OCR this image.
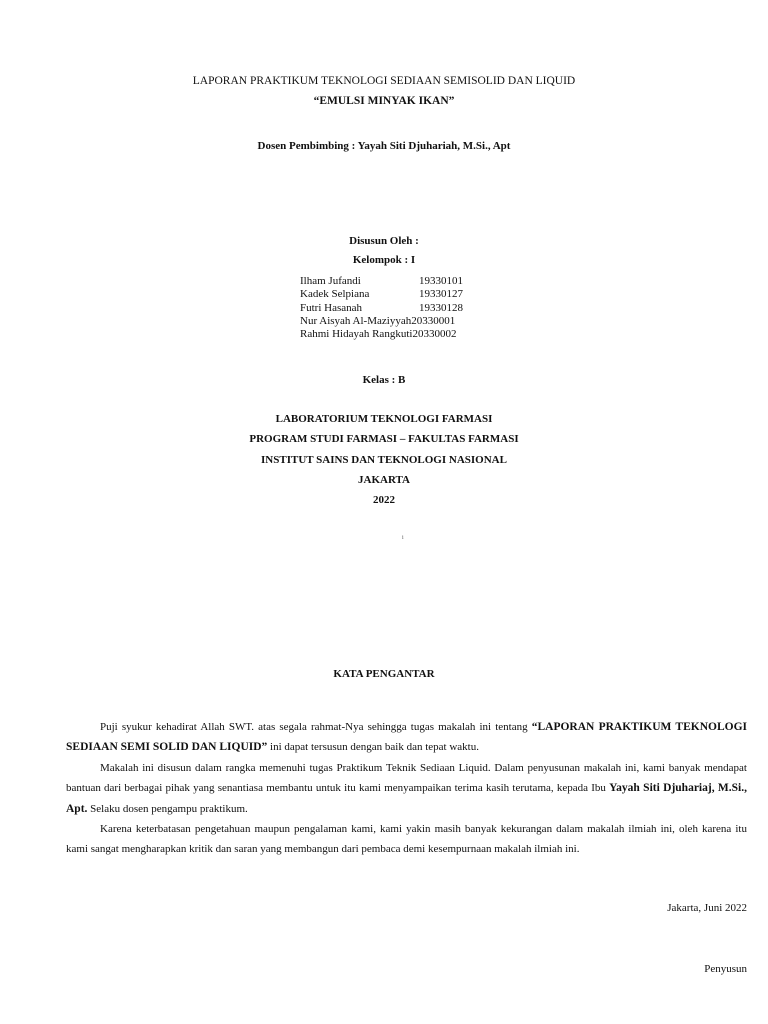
LAPORAN PRAKTIKUM TEKNOLOGI SEDIAAN SEMISOLID DAN LIQUID
“EMULSI MINYAK IKAN”
Dosen Pembimbing : Yayah Siti Djuhariah, M.Si., Apt
Disusun Oleh :
Kelompok : I
Ilham Jufandi	19330101
Kadek Selpiana	19330127
Futri Hasanah	19330128
Nur Aisyah Al-Maziyyah 20330001
Rahmi Hidayah Rangkuti 20330002
Kelas : B
LABORATORIUM TEKNOLOGI FARMASI
PROGRAM STUDI FARMASI – FAKULTAS FARMASI
INSTITUT SAINS DAN TEKNOLOGI NASIONAL
JAKARTA
2022
i
KATA PENGANTAR

Puji syukur kehadirat Allah SWT. atas segala rahmat-Nya sehingga tugas makalah ini tentang “LAPORAN PRAKTIKUM TEKNOLOGI SEDIAAN SEMI SOLID DAN LIQUID” ini dapat tersusun dengan baik dan tepat waktu.

Makalah ini disusun dalam rangka memenuhi tugas Praktikum Teknik Sediaan Liquid. Dalam penyusunan makalah ini, kami banyak mendapat bantuan dari berbagai pihak yang senantiasa membantu untuk itu kami menyampaikan terima kasih terutama, kepada Ibu Yayah Siti Djuhariaj, M.Si., Apt. Selaku dosen pengampu praktikum.

Karena keterbatasan pengetahuan maupun pengalaman kami, kami yakin masih banyak kekurangan dalam makalah ilmiah ini, oleh karena itu kami sangat mengharapkan kritik dan saran yang membangun dari pembaca demi kesempurnaan makalah ilmiah ini.

Jakarta, Juni 2022
Penyusun
